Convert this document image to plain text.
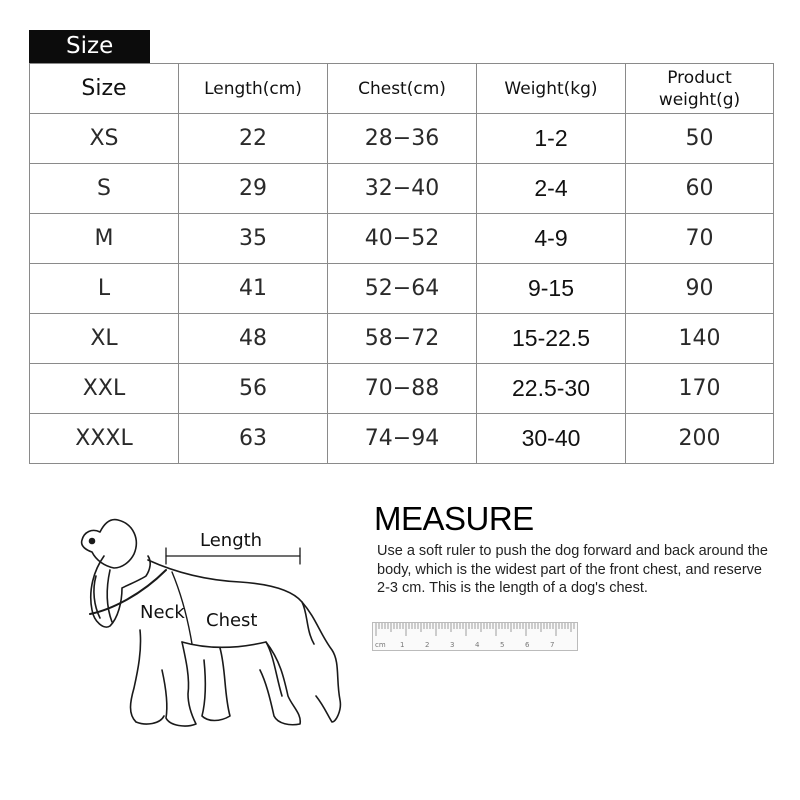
Size
Size	Length(cm)	Chest(cm)	Weight(kg)	Product weight(g)
XS	22	28−36	1-2	50
S	29	32−40	2-4	60
M	35	40−52	4-9	70
L	41	52−64	9-15	90
XL	48	58−72	15-22.5	140
XXL	56	70−88	22.5-30	170
XXXL	63	74−94	30-40	200
Length
Neck Chest
MEASURE
Use a soft ruler to push the dog forward and back around the body, which is the widest part of the front chest, and reserve 2-3 cm. This is the length of a dog's chest.
cm 1	2	3	4	5	6	7
